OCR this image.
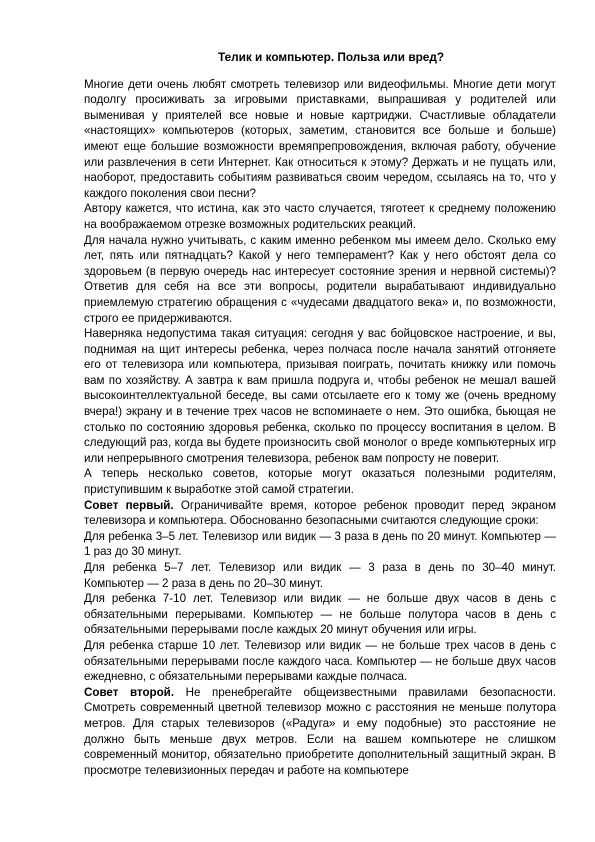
Телик и компьютер. Польза или вред?

Многие дети очень любят смотреть телевизор или видеофильмы. Многие дети могут подолгу просиживать за игровыми приставками, выпрашивая у родителей или выменивая у приятелей все новые и новые картриджи. Счастливые обладатели «настоящих» компьютеров (которых, заметим, становится все больше и больше) имеют еще большие возможности времяпрепровождения, включая работу, обучение или развлечения в сети Интернет. Как относиться к этому? Держать и не пущать или, наоборот, предоставить событиям развиваться своим чередом, ссылаясь на то, что у каждого поколения свои песни?

Автору кажется, что истина, как это часто случается, тяготеет к среднему положению на воображаемом отрезке возможных родительских реакций.

Для начала нужно учитывать, с каким именно ребенком мы имеем дело. Сколько ему лет, пять или пятнадцать? Какой у него темперамент? Как у него обстоят дела со здоровьем (в первую очередь нас интересует состояние зрения и нервной системы)? Ответив для себя на все эти вопросы, родители вырабатывают индивидуально приемлемую стратегию обращения с «чудесами двадцатого века» и, по возможности, строго ее придерживаются.

Наверняка недопустима такая ситуация: сегодня у вас бойцовское настроение, и вы, поднимая на щит интересы ребенка, через полчаса после начала занятий отгоняете его от телевизора или компьютера, призывая поиграть, почитать книжку или помочь вам по хозяйству. А завтра к вам пришла подруга и, чтобы ребенок не мешал вашей высокоинтеллектуальной беседе, вы сами отсылаете его к тому же (очень вредному вчера!) экрану и в течение трех часов не вспоминаете о нем. Это ошибка, бьющая не столько по состоянию здоровья ребенка, сколько по процессу воспитания в целом. В следующий раз, когда вы будете произносить свой монолог о вреде компьютерных игр или непрерывного смотрения телевизора, ребенок вам попросту не поверит.

А теперь несколько советов, которые могут оказаться полезными родителям, приступившим к выработке этой самой стратегии.

Совет первый. Ограничивайте время, которое ребенок проводит перед экраном телевизора и компьютера. Обоснованно безопасными считаются следующие сроки:

Для ребенка 3–5 лет. Телевизор или видик — 3 раза в день по 20 минут. Компьютер — 1 раз до 30 минут.

Для ребенка 5–7 лет. Телевизор или видик — 3 раза в день по 30–40 минут. Компьютер — 2 раза в день по 20–30 минут.

Для ребенка 7-10 лет. Телевизор или видик — не больше двух часов в день с обязательными перерывами. Компьютер — не больше полутора часов в день с обязательными перерывами после каждых 20 минут обучения или игры.

Для ребенка старше 10 лет. Телевизор или видик — не больше трех часов в день с обязательными перерывами после каждого часа. Компьютер — не больше двух часов ежедневно, с обязательными перерывами каждые полчаса.

Совет второй. Не пренебрегайте общеизвестными правилами безопасности. Смотреть современный цветной телевизор можно с расстояния не меньше полутора метров. Для старых телевизоров («Радуга» и ему подобные) это расстояние не должно быть меньше двух метров. Если на вашем компьютере не слишком современный монитор, обязательно приобретите дополнительный защитный экран. В просмотре телевизионных передач и работе на компьютере
